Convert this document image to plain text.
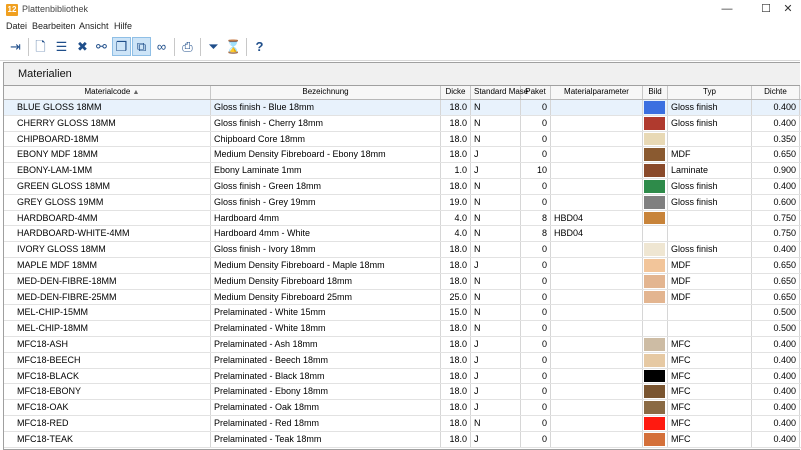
12 Plattenbibliothek	—	☐	✕
Datei Bearbeiten Ansicht Hilfe
⇥	🗋 ☰ ✖ ⚯ ❐ ⧉ ∞	⎙	⏷ ⌛	?
Materialien
Materialcode ▲	Bezeichnung	Dicke	Standard Mase
Paket	Materialparameter	Bild	Typ	Dichte
BLUE GLOSS 18MM	Gloss finish - Blue 18mm	18.0 N	0	Gloss finish	0.400
CHERRY GLOSS 18MM	Gloss finish - Cherry 18mm	18.0 N	0	Gloss finish	0.400
CHIPBOARD-18MM	Chipboard Core 18mm	18.0 N	0	0.350
EBONY MDF 18MM	Medium Density Fibreboard - Ebony 18mm	18.0 J	0	MDF	0.650
EBONY-LAM-1MM	Ebony Laminate 1mm	1.0 J	10	Laminate	0.900
GREEN GLOSS 18MM	Gloss finish - Green 18mm	18.0 N	0	Gloss finish	0.400
GREY GLOSS 19MM	Gloss finish - Grey 19mm	19.0 N	0	Gloss finish	0.600
HARDBOARD-4MM	Hardboard 4mm	4.0 N	8 HBD04	0.750
HARDBOARD-WHITE-4MM	Hardboard 4mm - White	4.0 N	8 HBD04	0.750
IVORY GLOSS 18MM	Gloss finish - Ivory 18mm	18.0 N	0	Gloss finish	0.400
MAPLE MDF 18MM	Medium Density Fibreboard - Maple 18mm	18.0 J	0	MDF	0.650
MED-DEN-FIBRE-18MM	Medium Density Fibreboard 18mm	18.0 N	0	MDF	0.650
MED-DEN-FIBRE-25MM	Medium Density Fibreboard 25mm	25.0 N	0	MDF	0.650
MEL-CHIP-15MM	Prelaminated - White 15mm	15.0 N	0	0.500
MEL-CHIP-18MM	Prelaminated - White 18mm	18.0 N	0	0.500
MFC18-ASH	Prelaminated - Ash 18mm	18.0 J	0	MFC	0.400
MFC18-BEECH	Prelaminated - Beech 18mm	18.0 J	0	MFC	0.400
MFC18-BLACK	Prelaminated - Black 18mm	18.0 J	0	MFC	0.400
MFC18-EBONY	Prelaminated - Ebony 18mm	18.0 J	0	MFC	0.400
MFC18-OAK	Prelaminated - Oak 18mm	18.0 J	0	MFC	0.400
MFC18-RED	Prelaminated - Red 18mm	18.0 N	0	MFC	0.400
MFC18-TEAK	Prelaminated - Teak 18mm	18.0 J	0	MFC	0.400
